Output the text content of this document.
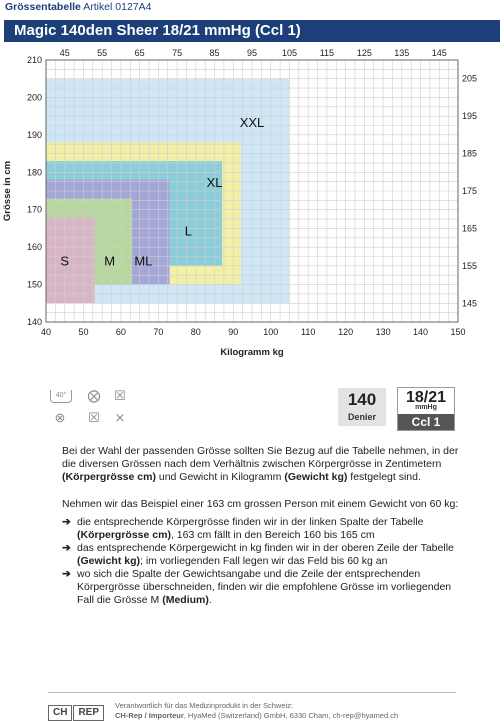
Grössentabelle Artikel 0127A4
Magic 140den Sheer 18/21 mmHg (Ccl 1)
XXL
XL
L
ML
M
S
45	55	65	75	85	95	105	115	125 135 145
40	50	60	70	80	90	100	110	120 130 140 150
140
150
160
170
180
190
200
210
145
155
165
175
185
195
205
Kilogramm kg
Grösse in cm
40°	⨂	☒
⊗	☒	⨯
140
Denier
18/21
mmHg
Ccl 1
Bei der Wahl der passenden Grösse sollten Sie Bezug auf die Tabelle nehmen, in der
die diversen Grössen nach dem Verhältnis zwischen Körpergrösse in Zentimetern
(Körpergrösse cm) und Gewicht in Kilogramm (Gewicht kg) festgelegt sind.
Nehmen wir das Beispiel einer 163 cm grossen Person mit einem Gewicht von 60 kg:
➔ die entsprechende Körpergrösse finden wir in der linken Spalte der Tabelle
(Körpergrösse cm), 163 cm fällt in den Bereich 160 bis 165 cm
➔ das entsprechende Körpergewicht in kg finden wir in der oberen Zeile der Tabelle
(Gewicht kg); im vorliegenden Fall legen wir das Feld bis 60 kg an
➔ wo sich die Spalte der Gewichtsangabe und die Zeile der entsprechenden
Körpergrösse überschneiden, finden wir die empfohlene Grösse im vorliegenden
Fall die Grösse M (Medium).
CH REP
Verantwortlich für das Medizinprodukt in der Schweiz:
CH-Rep / Importeur, HyaMed (Switzerland) GmbH, 6330 Cham, ch-rep@hyamed.ch
